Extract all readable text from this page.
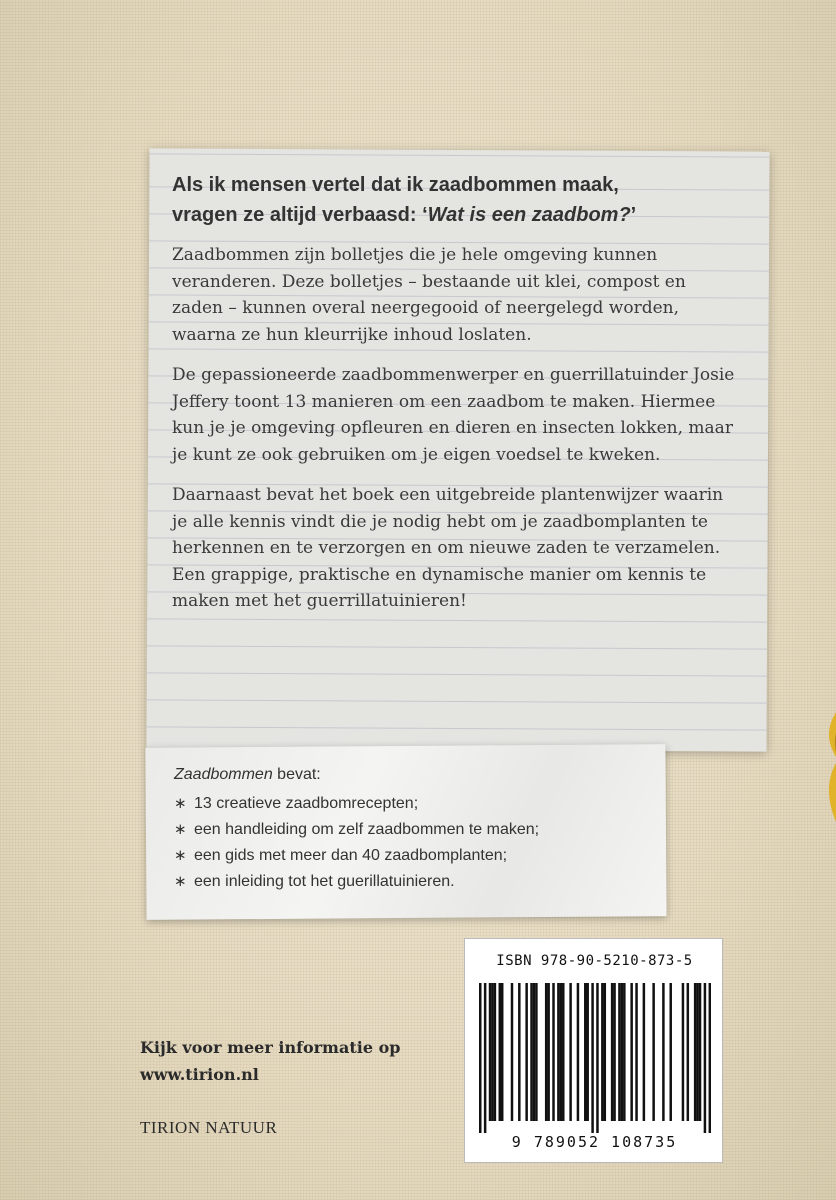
Als ik mensen vertel dat ik zaadbommen maak,
vragen ze altijd verbaasd: ‘Wat is een zaadbom?’

Zaadbommen zijn bolletjes die je hele omgeving kunnen veranderen. Deze bolletjes – bestaande uit klei, compost en zaden – kunnen overal neergegooid of neergelegd worden, waarna ze hun kleurrijke inhoud loslaten.

De gepassioneerde zaadbommenwerper en guerrillatuinder Josie Jeffery toont 13 manieren om een zaadbom te maken. Hiermee kun je je omgeving opfleuren en dieren en insecten lokken, maar je kunt ze ook gebruiken om je eigen voedsel te kweken.

Daarnaast bevat het boek een uitgebreide plantenwijzer waarin je alle kennis vindt die je nodig hebt om je zaadbomplanten te herkennen en te verzorgen en om nieuwe zaden te verzamelen. Een grappige, praktische en dynamische manier om kennis te maken met het guerrillatuinieren!

Zaadbommen bevat:

∗ 13 creatieve zaadbomrecepten;
∗ een handleiding om zelf zaadbommen te maken;
∗ een gids met meer dan 40 zaadbomplanten;
∗ een inleiding tot het guerillatuinieren.
ISBN 978-90-5210-873-5
9 789052 108735
Kijk voor meer informatie op
www.tirion.nl
TIRION NATUUR
